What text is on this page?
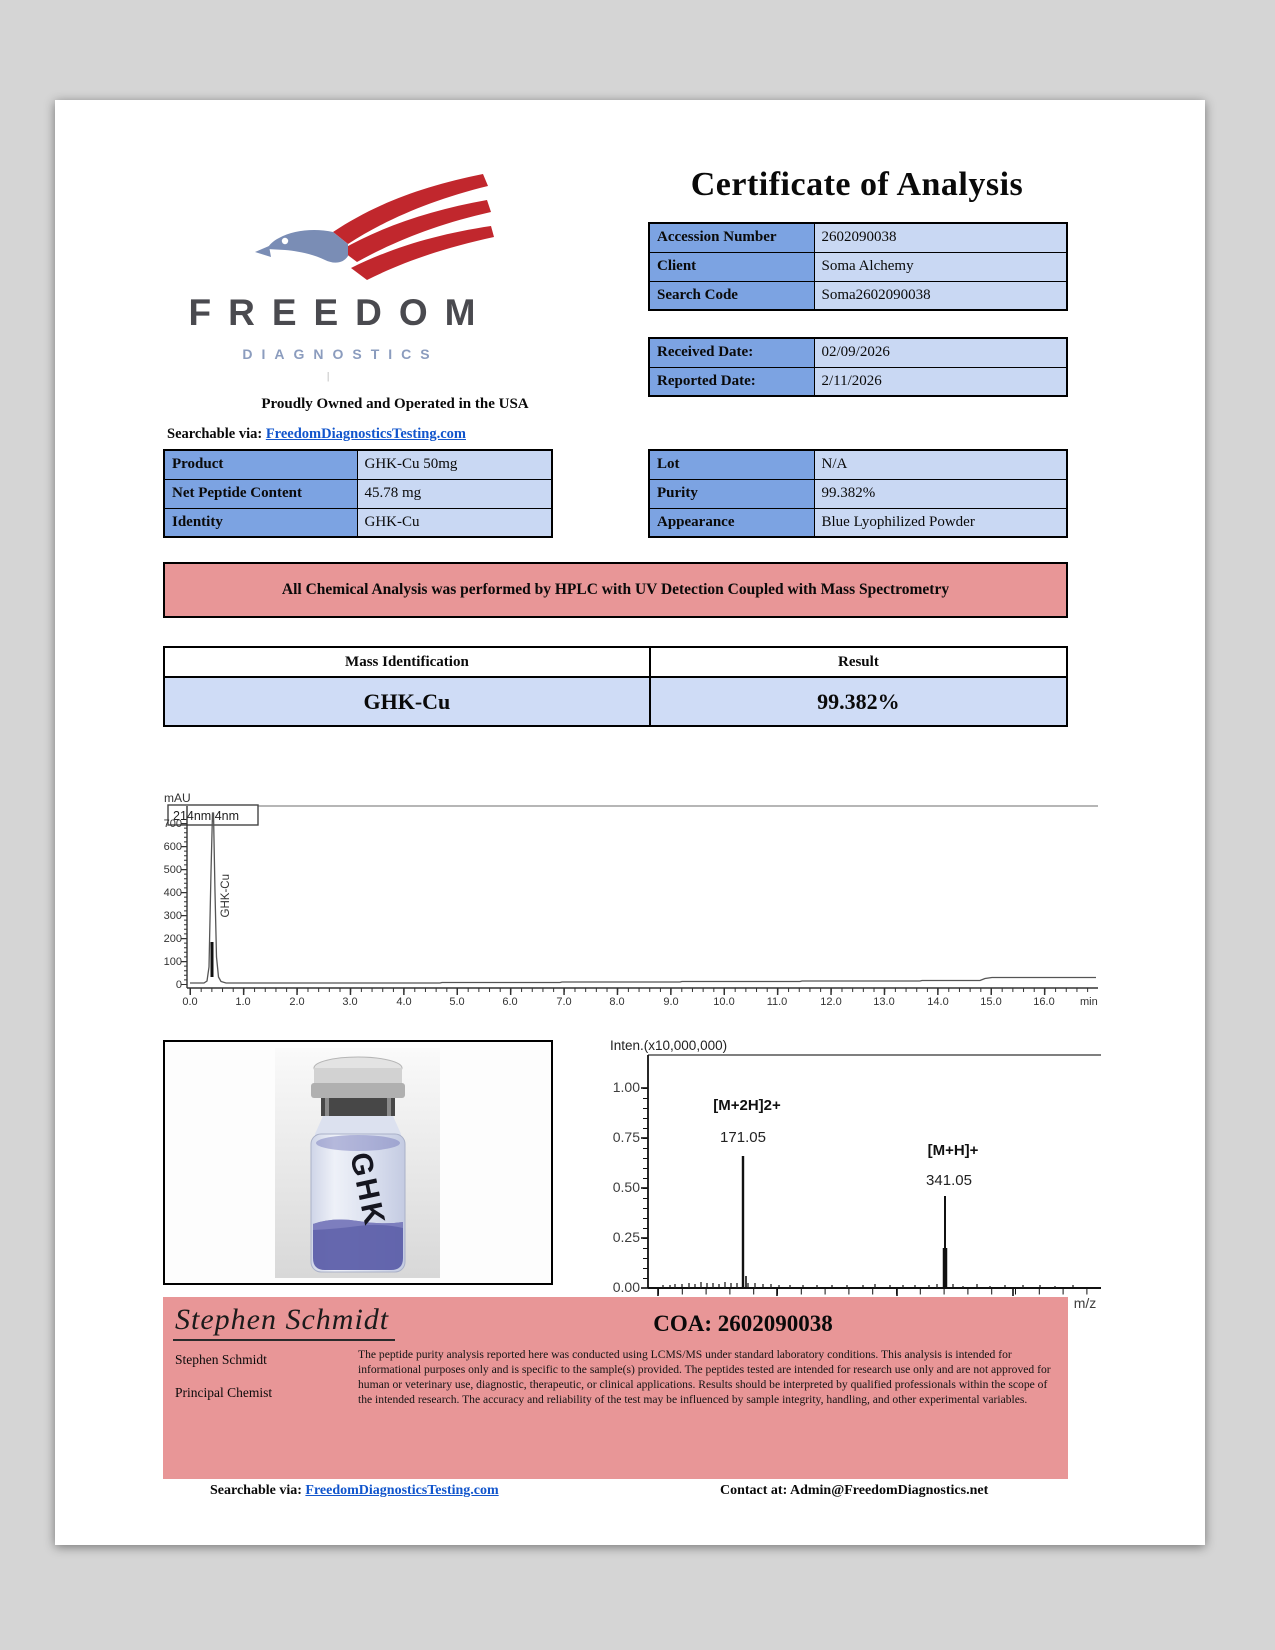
FREEDOM
DIAGNOSTICS
|
Proudly Owned and Operated in the USA
Searchable via: FreedomDiagnosticsTesting.com
Certificate of Analysis
Accession Number	2602090038
Client	Soma Alchemy
Search Code	Soma2602090038
Received Date:	02/09/2026
Reported Date:	2/11/2026
Product	GHK-Cu 50mg
Net Peptide Content	45.78 mg
Identity	GHK-Cu
Lot	N/A
Purity	99.382%
Appearance	Blue Lyophilized Powder
All Chemical Analysis was performed by HPLC with UV Detection Coupled with Mass Spectrometry
Mass Identification	Result
GHK-Cu	99.382%
mAU
214nm,4nm
700
600
500
400
300
200
100
0
0.0	1.0	2.0	3.0	4.0	5.0	6.0	7.0	8.0	9.0	10.0	11.0	12.0	13.0	14.0	15.0	16.0 min
GHK-Cu
GHK
Inten.(x10,000,000)
1.00
0.75
0.50
0.25
0.00
m/z
[M+2H]2+
171.05
[M+H]+
341.05
Stephen Schmidt	COA: 2602090038
Stephen Schmidt
Principal Chemist
The peptide purity analysis reported here was conducted using LCMS/MS under standard laboratory conditions. This analysis is intended for informational purposes only and is specific to the sample(s) provided. The peptides tested are intended for research use only and are not approved for human or veterinary use, diagnostic, therapeutic, or clinical applications. Results should be interpreted by qualified professionals within the scope of the intended research. The accuracy and reliability of the test may be influenced by sample integrity, handling, and other experimental variables.
Searchable via: FreedomDiagnosticsTesting.com	Contact at: Admin@FreedomDiagnostics.net
